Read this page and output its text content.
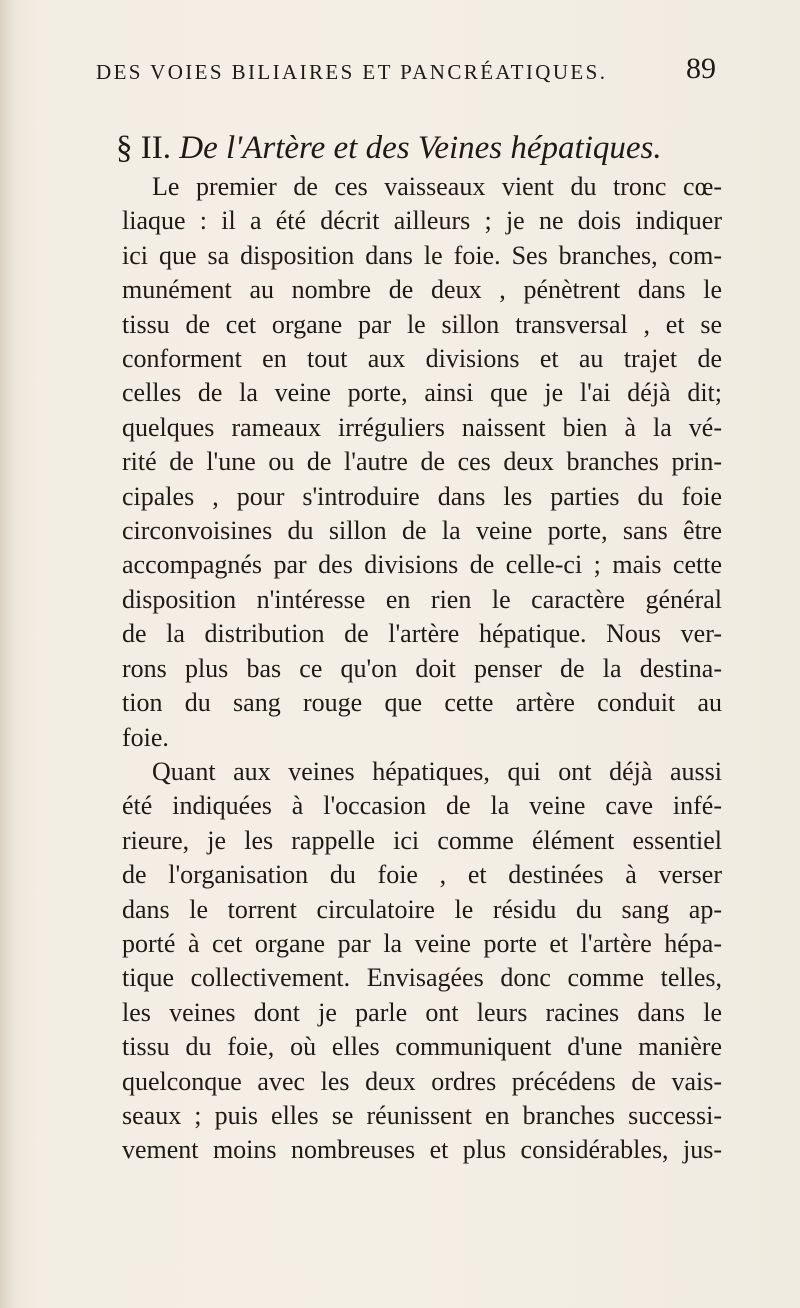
DES VOIES BILIAIRES ET PANCRÉATIQUES.	89
§ II. De l'Artère et des Veines hépatiques.
Le premier de ces vaisseaux vient du tronc cœ-
liaque : il a été décrit ailleurs ; je ne dois indiquer
ici que sa disposition dans le foie. Ses branches, com-
munément au nombre de deux , pénètrent dans le
tissu de cet organe par le sillon transversal , et se
conforment en tout aux divisions et au trajet de
celles de la veine porte, ainsi que je l'ai déjà dit;
quelques rameaux irréguliers naissent bien à la vé-
rité de l'une ou de l'autre de ces deux branches prin-
cipales , pour s'introduire dans les parties du foie
circonvoisines du sillon de la veine porte, sans être
accompagnés par des divisions de celle-ci ; mais cette
disposition n'intéresse en rien le caractère général
de la distribution de l'artère hépatique. Nous ver-
rons plus bas ce qu'on doit penser de la destina-
tion du sang rouge que cette artère conduit au
foie.
Quant aux veines hépatiques, qui ont déjà aussi
été indiquées à l'occasion de la veine cave infé-
rieure, je les rappelle ici comme élément essentiel
de l'organisation du foie , et destinées à verser
dans le torrent circulatoire le résidu du sang ap-
porté à cet organe par la veine porte et l'artère hépa-
tique collectivement. Envisagées donc comme telles,
les veines dont je parle ont leurs racines dans le
tissu du foie, où elles communiquent d'une manière
quelconque avec les deux ordres précédens de vais-
seaux ; puis elles se réunissent en branches successi-
vement moins nombreuses et plus considérables, jus-
